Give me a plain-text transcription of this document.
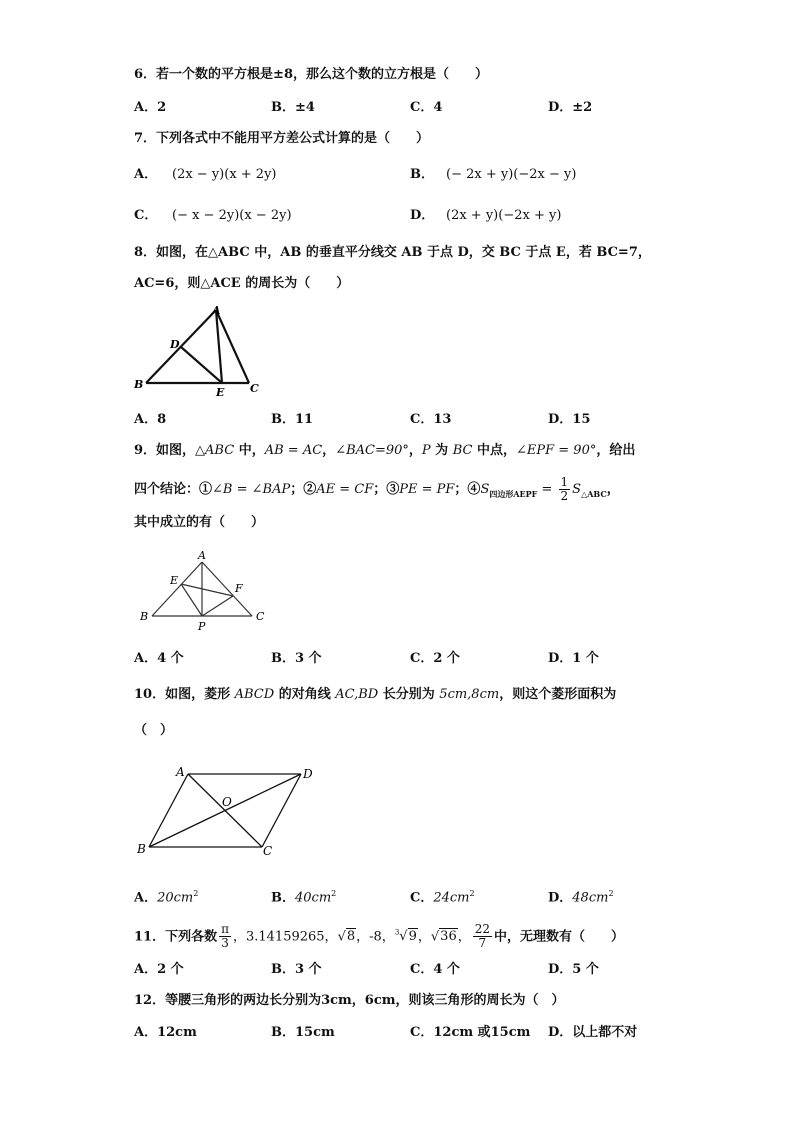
6．若一个数的平方根是±8，那么这个数的立方根是（　　）
A．2	B．±4	C．4	D．±2
7．下列各式中不能用平方差公式计算的是（　　）
A． (2x − y)(x + 2y)	B． (− 2x + y)(−2x − y)
C． (− x − 2y)(x − 2y)	D． (2x + y)(−2x + y)
8．如图，在△ABC 中，AB 的垂直平分线交 AB 于点 D，交 BC 于点 E，若 BC=7，
AC=6，则△ACE 的周长为（　　）
A
D
B
E C
A．8	B．11	C．13	D．15
9．如图，△ABC 中，AB = AC，∠BAC=90°，P 为 BC 中点，∠EPF = 90°，给出
四个结论：①∠B = ∠BAP；②AE = CF；③PE = PF；$④S_{四边形AEPF} = \frac{1}{2} S_{\triangle ABC}$，
其中成立的有（　　）
A
E
F
B
P
C
A．4 个	B．3 个	C．2 个	D．1 个
10．如图，菱形 ABCD 的对角线 AC,BD 长分别为 5cm,8cm，则这个菱形面积为
（　）
A	D
O
B	C
A．$20cm^2$	B．$40cm^2$	C．$24cm^2$	D．$48cm^2$
11．下列各数 $\frac{\pi}{3}$ ，3.14159265，√8，-8，$^3$√9，√36， $\frac{22}{7}$ 中，无理数有（　　）
A．2 个	B．3 个	C．4 个	D．5 个
12．等腰三角形的两边长分别为3cm，6cm，则该三角形的周长为（　）
A．12cm	B．15cm	C．12cm 或15cm D．以上都不对
